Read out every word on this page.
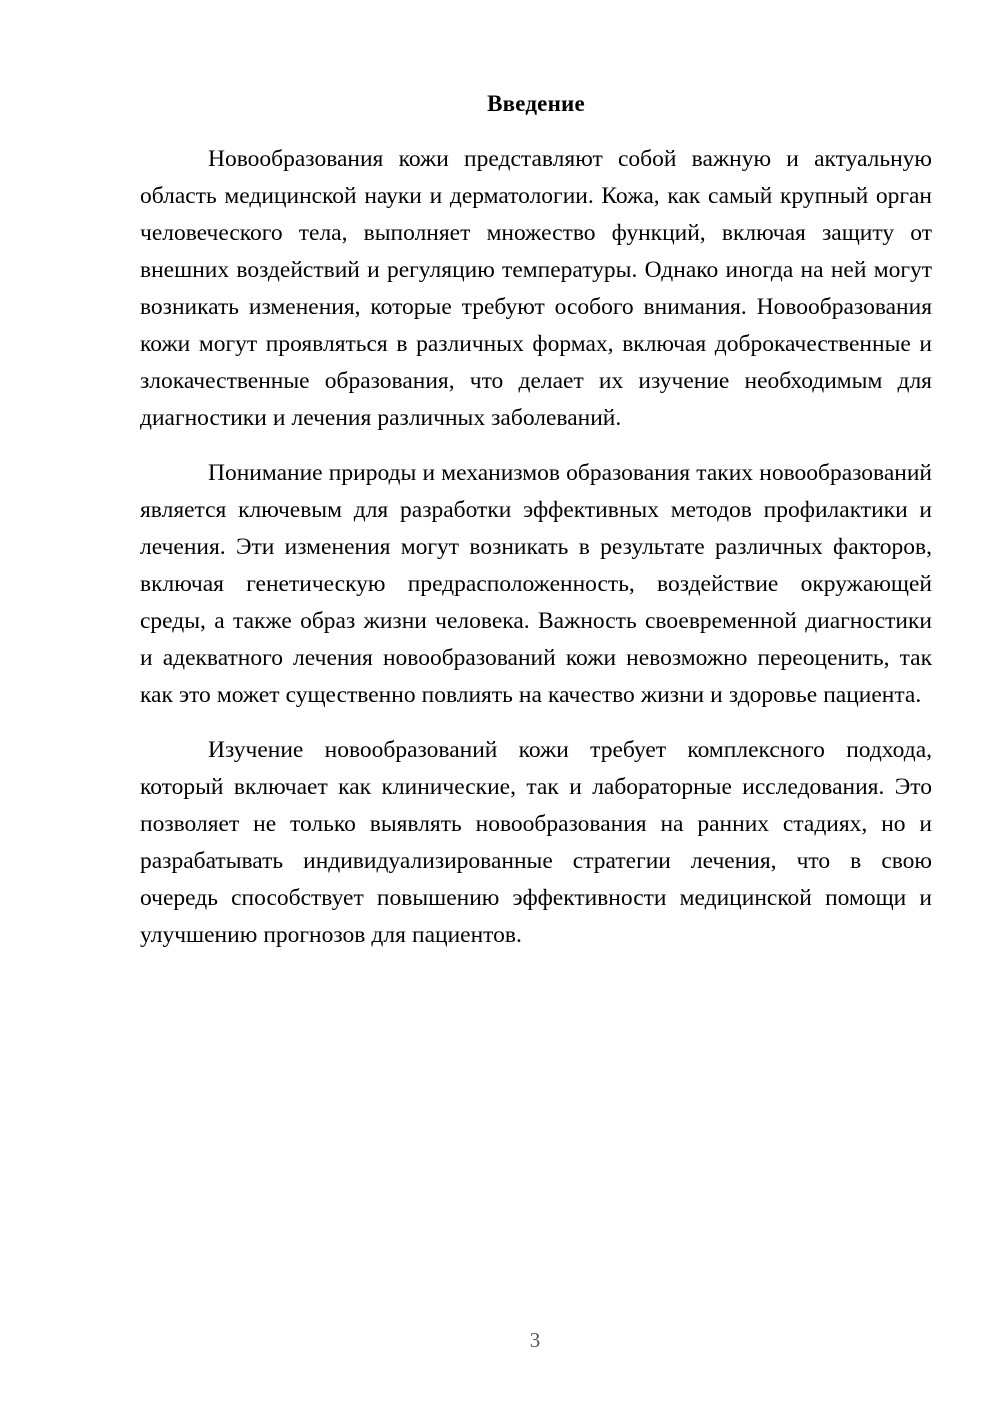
Введение

Новообразования кожи представляют собой важную и актуальную область медицинской науки и дерматологии. Кожа, как самый крупный орган человеческого тела, выполняет множество функций, включая защиту от внешних воздействий и регуляцию температуры. Однако иногда на ней могут возникать изменения, которые требуют особого внимания. Новообразования кожи могут проявляться в различных формах, включая доброкачественные и злокачественные образования, что делает их изучение необходимым для диагностики и лечения различных заболеваний.

Понимание природы и механизмов образования таких новообразований является ключевым для разработки эффективных методов профилактики и лечения. Эти изменения могут возникать в результате различных факторов, включая генетическую предрасположенность, воздействие окружающей среды, а также образ жизни человека. Важность своевременной диагностики и адекватного лечения новообразований кожи невозможно переоценить, так как это может существенно повлиять на качество жизни и здоровье пациента.

Изучение новообразований кожи требует комплексного подхода, который включает как клинические, так и лабораторные исследования. Это позволяет не только выявлять новообразования на ранних стадиях, но и разрабатывать индивидуализированные стратегии лечения, что в свою очередь способствует повышению эффективности медицинской помощи и улучшению прогнозов для пациентов.

3
